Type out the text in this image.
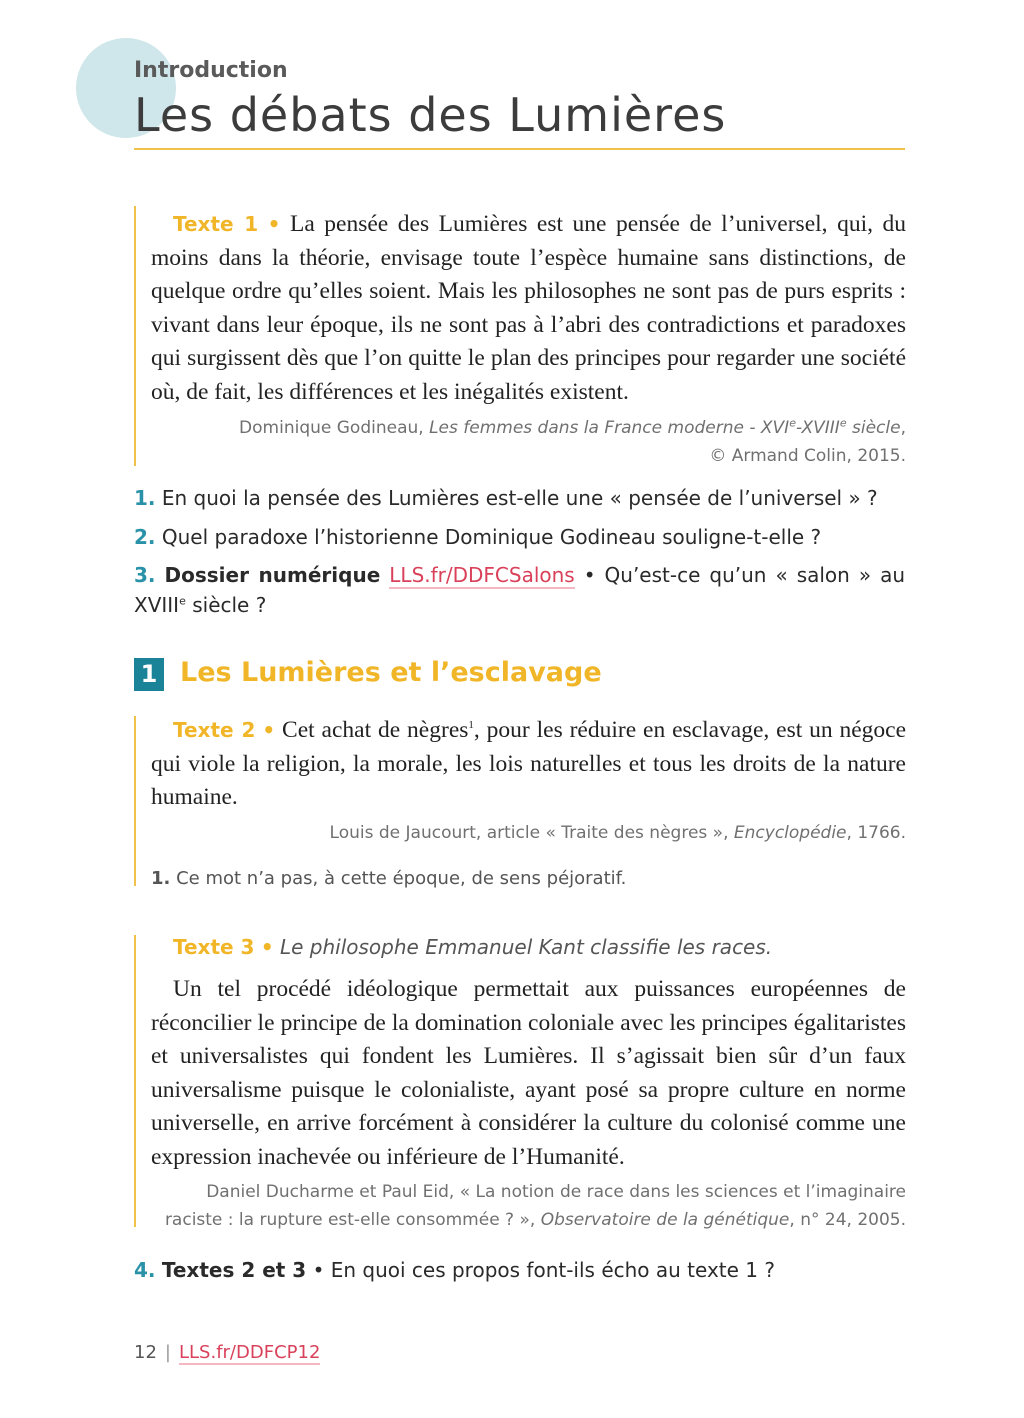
Introduction
Les débats des Lumières
Texte 1 • La pensée des Lumières est une pensée de l’universel, qui, du moins dans la théorie, envisage toute l’espèce humaine sans distinctions, de quelque ordre qu’elles soient. Mais les philosophes ne sont pas de purs esprits : vivant dans leur époque, ils ne sont pas à l’abri des contradictions et paradoxes qui surgissent dès que l’on quitte le plan des principes pour regarder une société où, de fait, les différences et les inégalités existent.
Dominique Godineau, Les femmes dans la France moderne - XVIe-XVIIIe siècle,
© Armand Colin, 2015.
1. En quoi la pensée des Lumières est-elle une « pensée de l’universel » ?
2. Quel paradoxe l’historienne Dominique Godineau souligne-t-elle ?
3. Dossier numérique LLS.fr/DDFCSalons • Qu’est-ce qu’un « salon » au XVIIIe siècle ?
1 Les Lumières et l’esclavage
Texte 2 • Cet achat de nègres$^1$, pour les réduire en esclavage, est un négoce qui viole la religion, la morale, les lois naturelles et tous les droits de la nature humaine.
Louis de Jaucourt, article « Traite des nègres », Encyclopédie, 1766.
1. Ce mot n’a pas, à cette époque, de sens péjoratif.
Texte 3 • Le philosophe Emmanuel Kant classifie les races.
Un tel procédé idéologique permettait aux puissances européennes de réconcilier le principe de la domination coloniale avec les principes égalitaristes et universalistes qui fondent les Lumières. Il s’agissait bien sûr d’un faux universalisme puisque le colonialiste, ayant posé sa propre culture en norme universelle, en arrive forcément à considérer la culture du colonisé comme une expression inachevée ou inférieure de l’Humanité.
Daniel Ducharme et Paul Eid, « La notion de race dans les sciences et l’imaginaire
raciste : la rupture est-elle consommée ? », Observatoire de la génétique, n° 24, 2005.
4. Textes 2 et 3 • En quoi ces propos font-ils écho au texte 1 ?
12 | LLS.fr/DDFCP12
